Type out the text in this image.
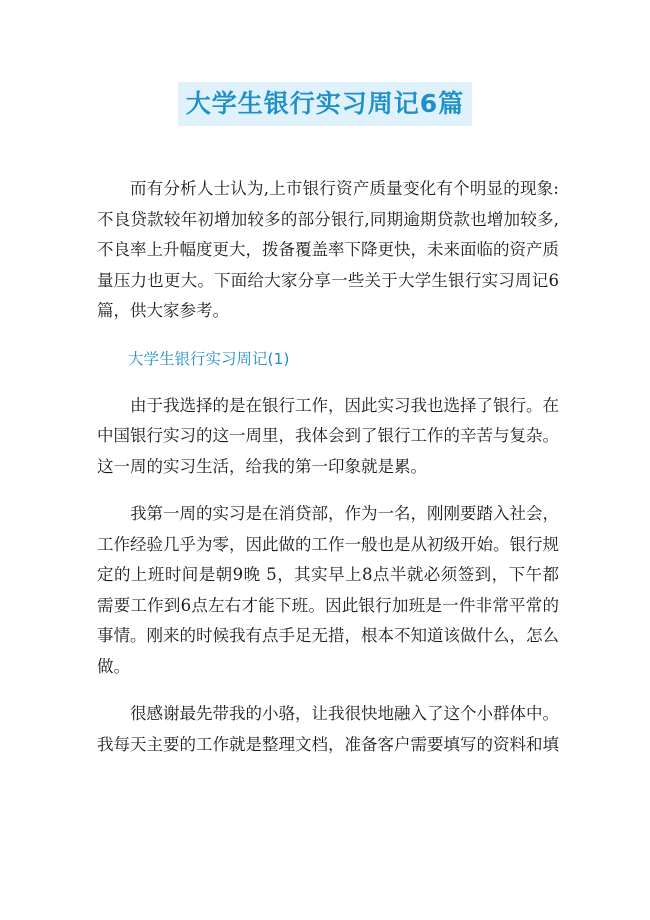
大学生银行实习周记6篇

而有分析人士认为,上市银行资产质量变化有个明显的现象:不良贷款较年初增加较多的部分银行,同期逾期贷款也增加较多,不良率上升幅度更大，拨备覆盖率下降更快，未来面临的资产质量压力也更大。下面给大家分享一些关于大学生银行实习周记6篇，供大家参考。

大学生银行实习周记(1)

由于我选择的是在银行工作，因此实习我也选择了银行。在中国银行实习的这一周里，我体会到了银行工作的辛苦与复杂。这一周的实习生活，给我的第一印象就是累。

我第一周的实习是在消贷部，作为一名，刚刚要踏入社会，工作经验几乎为零，因此做的工作一般也是从初级开始。银行规定的上班时间是朝9晚 5，其实早上8点半就必须签到，下午都需要工作到6点左右才能下班。因此银行加班是一件非常平常的事情。刚来的时候我有点手足无措，根本不知道该做什么，怎么做。

很感谢最先带我的小骆，让我很快地融入了这个小群体中。我每天主要的工作就是整理文档，准备客户需要填写的资料和填
